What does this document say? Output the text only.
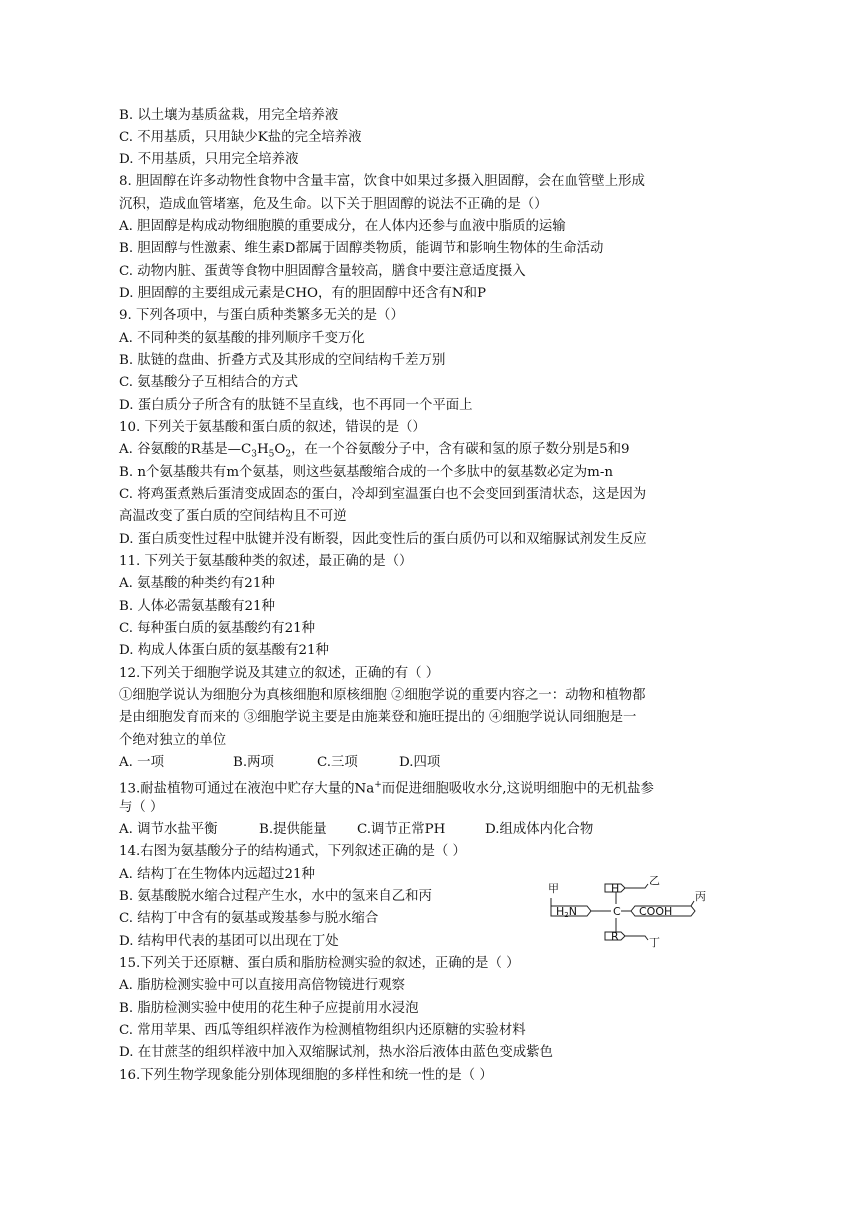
B. 以土壤为基质盆栽，用完全培养液
C. 不用基质，只用缺少K盐的完全培养液
D. 不用基质，只用完全培养液
8. 胆固醇在许多动物性食物中含量丰富，饮食中如果过多摄入胆固醇，会在血管壁上形成
沉积，造成血管堵塞，危及生命。以下关于胆固醇的说法不正确的是（）
A. 胆固醇是构成动物细胞膜的重要成分，在人体内还参与血液中脂质的运输
B. 胆固醇与性激素、维生素D都属于固醇类物质，能调节和影响生物体的生命活动
C. 动物内脏、蛋黄等食物中胆固醇含量较高，膳食中要注意适度摄入
D. 胆固醇的主要组成元素是CHO，有的胆固醇中还含有N和P
9. 下列各项中，与蛋白质种类繁多无关的是（）
A. 不同种类的氨基酸的排列顺序千变万化
B. 肽链的盘曲、折叠方式及其形成的空间结构千差万别
C. 氨基酸分子互相结合的方式
D. 蛋白质分子所含有的肽链不呈直线，也不再同一个平面上
10. 下列关于氨基酸和蛋白质的叙述，错误的是（）
A. 谷氨酸的R基是$—C_3H_5O_2$，在一个谷氨酸分子中，含有碳和氢的原子数分别是5和9
B. n个氨基酸共有m个氨基，则这些氨基酸缩合成的一个多肽中的氨基数必定为m-n
C. 将鸡蛋煮熟后蛋清变成固态的蛋白，冷却到室温蛋白也不会变回到蛋清状态，这是因为
高温改变了蛋白质的空间结构且不可逆
D. 蛋白质变性过程中肽键并没有断裂，因此变性后的蛋白质仍可以和双缩脲试剂发生反应
11. 下列关于氨基酸种类的叙述，最正确的是（）
A. 氨基酸的种类约有21种
B. 人体必需氨基酸有21种
C. 每种蛋白质的氨基酸约有21种
D. 构成人体蛋白质的氨基酸有21种
12.下列关于细胞学说及其建立的叙述，正确的有（ ）
①细胞学说认为细胞分为真核细胞和原核细胞 ②细胞学说的重要内容之一：动物和植物都
是由细胞发育而来的 ③细胞学说主要是由施莱登和施旺提出的 ④细胞学说认同细胞是一
个绝对独立的单位
A. 一项	B.两项	C.三项	D.四项
13.耐盐植物可通过在液泡中贮存大量的Na+而促进细胞吸收水分,这说明细胞中的无机盐参
与（ ）
A. 调节水盐平衡	B.提供能量 C.调节正常PH	D.组成体内化合物
14.右图为氨基酸分子的结构通式，下列叙述正确的是（ ）
A. 结构丁在生物体内远超过21种
B. 氨基酸脱水缩合过程产生水，水中的氢来自乙和丙
C. 结构丁中含有的氨基或羧基参与脱水缩合
D. 结构甲代表的基团可以出现在丁处
15.下列关于还原糖、蛋白质和脂肪检测实验的叙述，正确的是（ ）
A. 脂肪检测实验中可以直接用高倍物镜进行观察
B. 脂肪检测实验中使用的花生种子应提前用水浸泡
C. 常用苹果、西瓜等组织样液作为检测植物组织内还原糖的实验材料
D. 在甘蔗茎的组织样液中加入双缩脲试剂，热水浴后液体由蓝色变成紫色
16.下列生物学现象能分别体现细胞的多样性和统一性的是（ ）
甲
乙
丙
丁
H
C
R
COOH
H2N
